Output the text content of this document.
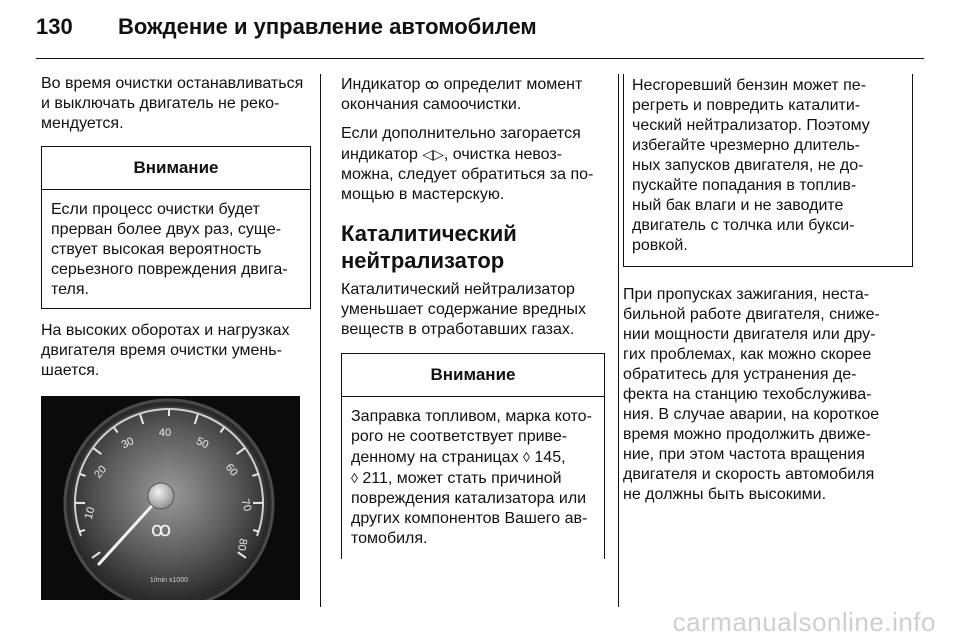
130 Вождение и управление автомобилем

Во время очистки останавливаться
и выключать двигатель не реко-
мендуется.

Внимание
Если процесс очистки будет
прерван более двух раз, суще-
ствует высокая вероятность
серьезного повреждения двига-
теля.

На высоких оборотах и нагрузках
двигателя время очистки умень-
шается.

10
20
30
40
50
60
70
80
ꝏ
1/min x1000

Индикатор ꝏ определит момент
окончания самоочистки.

Если дополнительно загорается
индикатор ◁▷, очистка невоз-
можна, следует обратиться за по-
мощью в мастерскую.

Каталитический
нейтрализатор

Каталитический нейтрализатор
уменьшает содержание вредных
веществ в отработавших газах.

Внимание
Заправка топливом, марка кото-
рого не соответствует приве-
денному на страницах ◊ 145,
◊ 211, может стать причиной
повреждения катализатора или
других компонентов Вашего ав-
томобиля.
Несгоревший бензин может пе-
регреть и повредить каталити-
ческий нейтрализатор. Поэтому
избегайте чрезмерно длитель-
ных запусков двигателя, не до-
пускайте попадания в топлив-
ный бак влаги и не заводите
двигатель с толчка или букси-
ровкой.

При пропусках зажигания, неста-
бильной работе двигателя, сниже-
нии мощности двигателя или дру-
гих проблемах, как можно скорее
обратитесь для устранения де-
фекта на станцию техобслужива-
ния. В случае аварии, на короткое
время можно продолжить движе-
ние, при этом частота вращения
двигателя и скорость автомобиля
не должны быть высокими.

carmanualsonline.info
